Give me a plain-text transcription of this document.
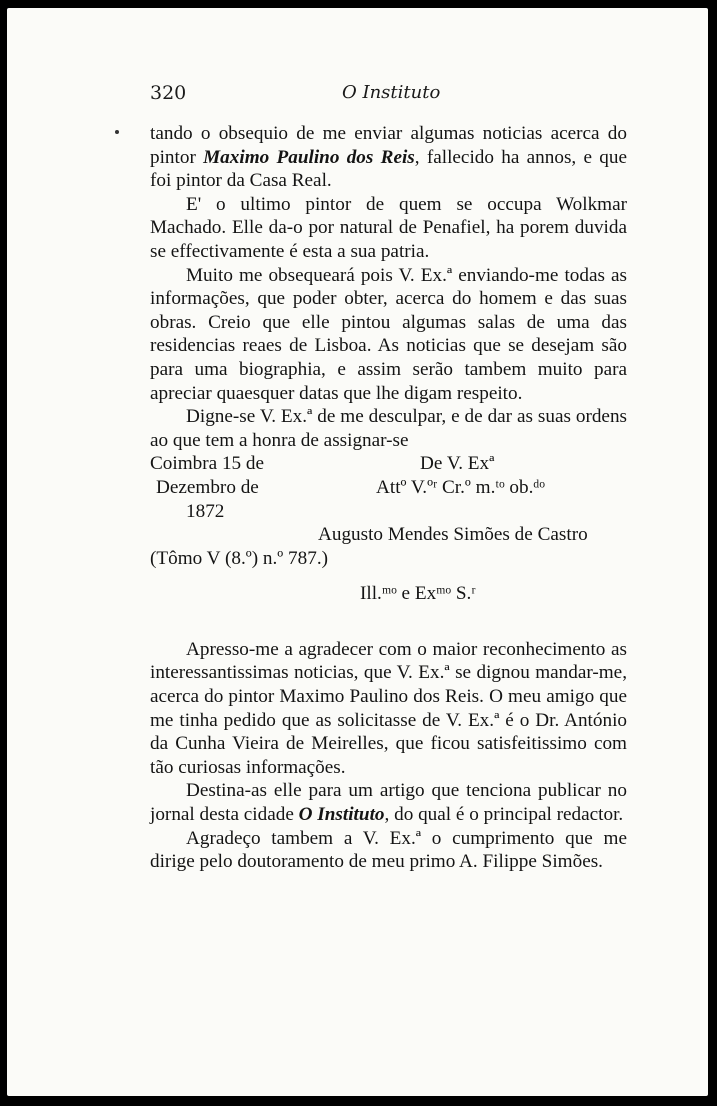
320	O Instituto

tando o obsequio de me enviar algumas noticias acerca do pintor Maximo Paulino dos Reis, fallecido ha annos, e que foi pintor da Casa Real.

E' o ultimo pintor de quem se occupa Wolkmar Machado. Elle da-o por natural de Penafiel, ha porem duvida se effectivamente é esta a sua patria.

Muito me obsequeará pois V. Ex.ª enviando-me todas as informações, que poder obter, acerca do homem e das suas obras. Creio que elle pintou algumas salas de uma das residencias reaes de Lisboa. As noticias que se desejam são para uma biographia, e assim serão tambem muito para apreciar quaesquer datas que lhe digam respeito.

Digne-se V. Ex.ª de me desculpar, e de dar as suas ordens ao que tem a honra de assignar-se

Coimbra 15 de	De V. Exª
Dezembro de	Attº V.ºʳ Cr.º m.ᵗᵒ ob.ᵈᵒ
1872
Augusto Mendes Simões de Castro
(Tômo V (8.º) n.º 787.)
Ill.ᵐᵒ e Exᵐᵒ S.ʳ

Apresso-me a agradecer com o maior reconhecimento as interessantissimas noticias, que V. Ex.ª se dignou mandar-me, acerca do pintor Maximo Paulino dos Reis. O meu amigo que me tinha pedido que as solicitasse de V. Ex.ª é o Dr. António da Cunha Vieira de Meirelles, que ficou satisfeitissimo com tão curiosas informações.

Destina-as elle para um artigo que tenciona publicar no jornal desta cidade O Instituto, do qual é o principal redactor.

Agradeço tambem a V. Ex.ª o cumprimento que me dirige pelo doutoramento de meu primo A. Filippe Simões.
